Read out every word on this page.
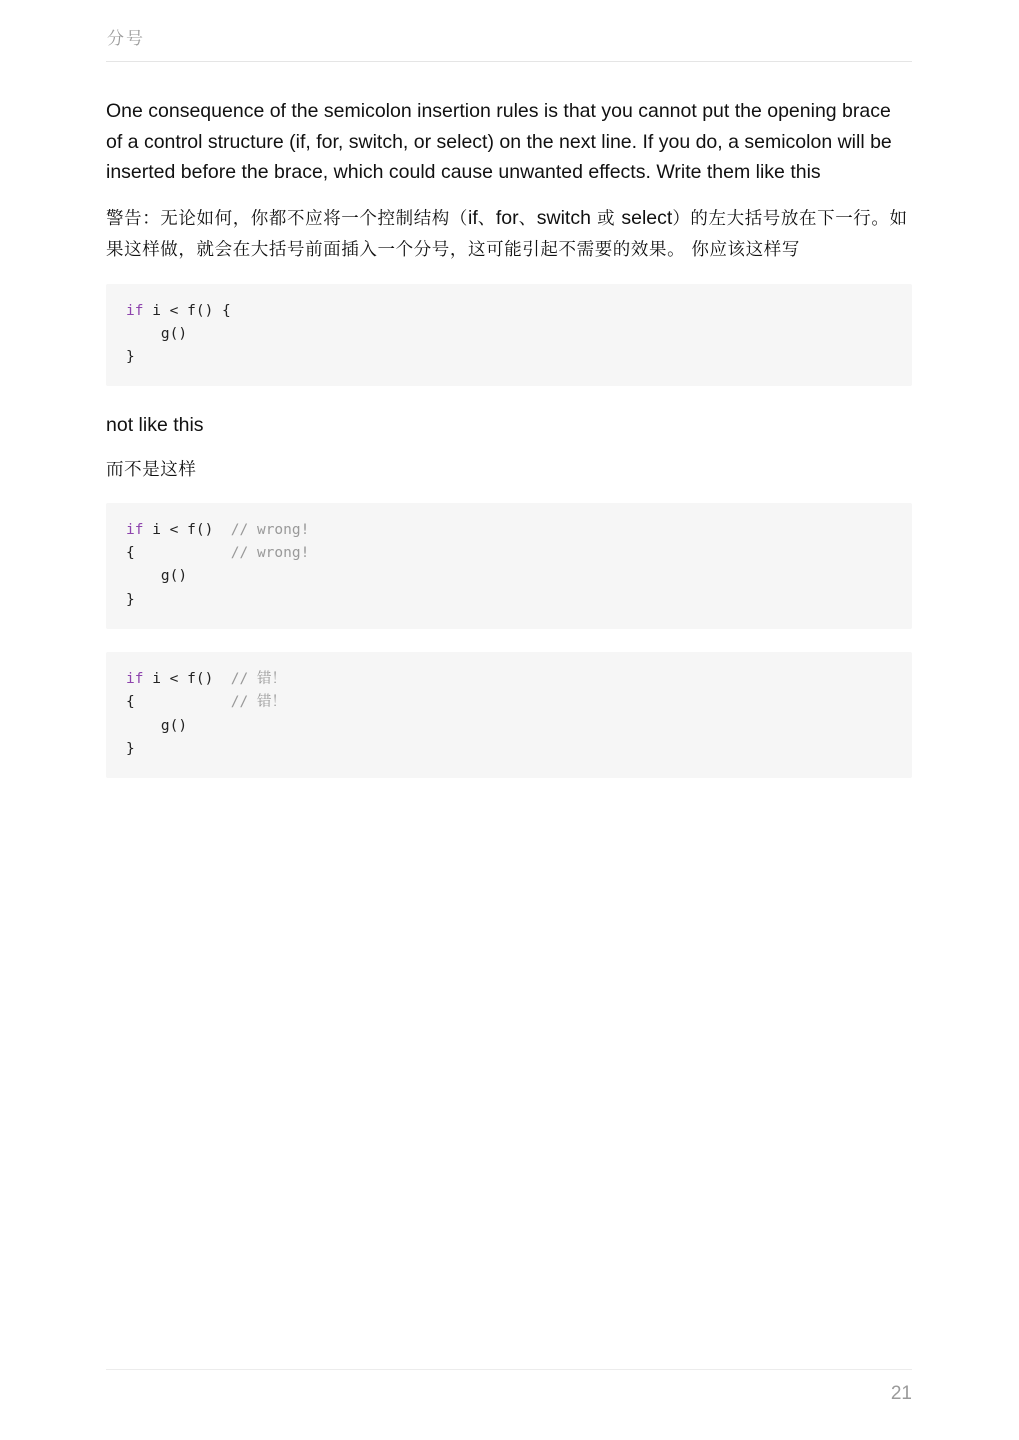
分号

One consequence of the semicolon insertion rules is that you cannot put the opening brace of a control structure (if, for, switch, or select) on the next line. If you do, a semicolon will be inserted before the brace, which could cause unwanted effects. Write them like this

警告：无论如何，你都不应将一个控制结构（if、for、switch 或 select）的左大括号放在下一行。如果这样做，就会在大括号前面插入一个分号，这可能引起不需要的效果。 你应该这样写

if i < f() {
g()
}

not like this

而不是这样

if i < f()  // wrong!
{           // wrong!
g()
}
if i < f()  // 错！
{           // 错！
g()
}
21
